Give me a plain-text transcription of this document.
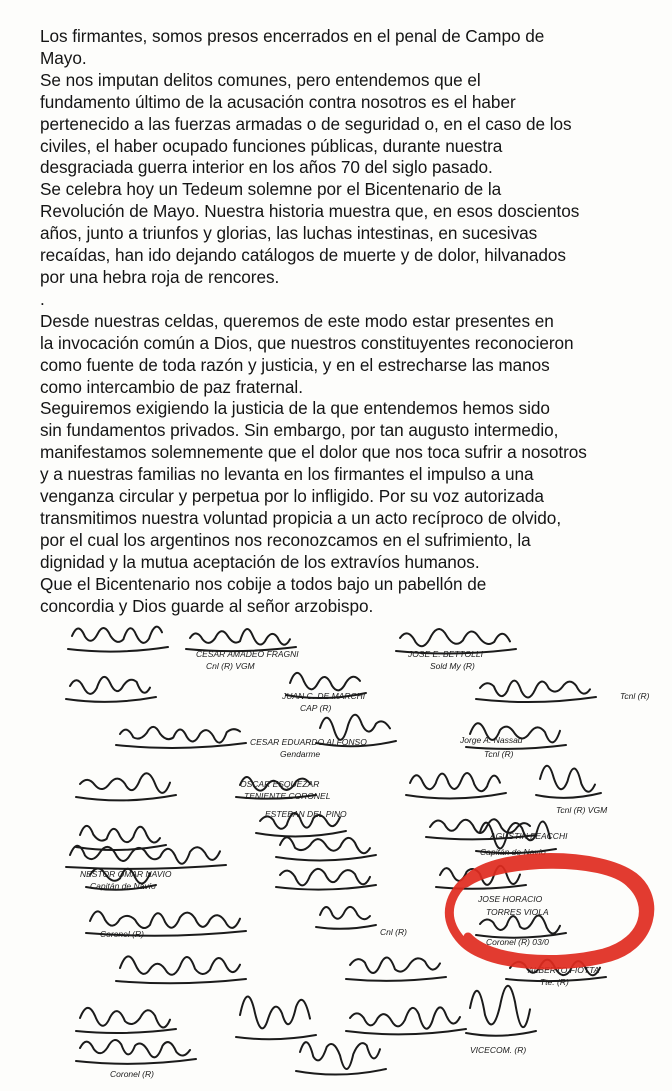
Los firmantes, somos presos encerrados en el penal de Campo de
Mayo.
Se nos imputan delitos comunes, pero entendemos que el
fundamento último de la acusación contra nosotros es el haber
pertenecido a las fuerzas armadas o de seguridad o, en el caso de los
civiles, el haber ocupado funciones públicas, durante nuestra
desgraciada guerra interior en los años 70 del siglo pasado.
Se celebra hoy un Tedeum solemne por el Bicentenario de la
Revolución de Mayo. Nuestra historia muestra que, en esos doscientos
años, junto a triunfos y glorias, las luchas intestinas, en sucesivas
recaídas, han ido dejando catálogos de muerte y de dolor, hilvanados
por una hebra roja de rencores.
.
Desde nuestras celdas, queremos de este modo estar presentes en
la invocación común a Dios, que nuestros constituyentes reconocieron
como fuente de toda razón y justicia, y en el estrecharse las manos
como intercambio de paz fraternal.
Seguiremos exigiendo la justicia de la que entendemos hemos sido
sin fundamentos privados. Sin embargo, por tan augusto intermedio,
manifestamos solemnemente que el dolor que nos toca sufrir a nosotros
y a nuestras familias no levanta en los firmantes el impulso a una
venganza circular y perpetua por lo infligido. Por su voz autorizada
transmitimos nuestra voluntad propicia a un acto recíproco de olvido,
por el cual los argentinos nos reconozcamos en el sufrimiento, la
dignidad y la mutua aceptación de los extravíos humanos.
Que el Bicentenario nos cobije a todos bajo un pabellón de
concordia y Dios guarde al señor arzobispo.
CESAR AMADEO FRAGNI
Cnl (R) VGM
JOSE E. BETTOLLI
Sold My (R)
JUAN C. DE MARCHI
CAP (R)
Tcnl (R)
Jorge A. Nassau
Tcnl (R)
CESAR EDUARDO ALFONSO
Gendarme
OSCAR ESQUEZAR
TENIENTE CORONEL
ESTEBAN DEL PINO	Tcnl (R) VGM
AGUSTIN FEACCHI
Capitán de Navío
NESTOR OMAR NAVIO
Capitán de Navío
JOSE HORACIO
TORRES VIOLA
Coronel (R) 03/0
Coronel (R)	Cnl (R)
ALBERTO FIOTTA
Tte. (R)
VICECOM. (R)
Coronel (R)
